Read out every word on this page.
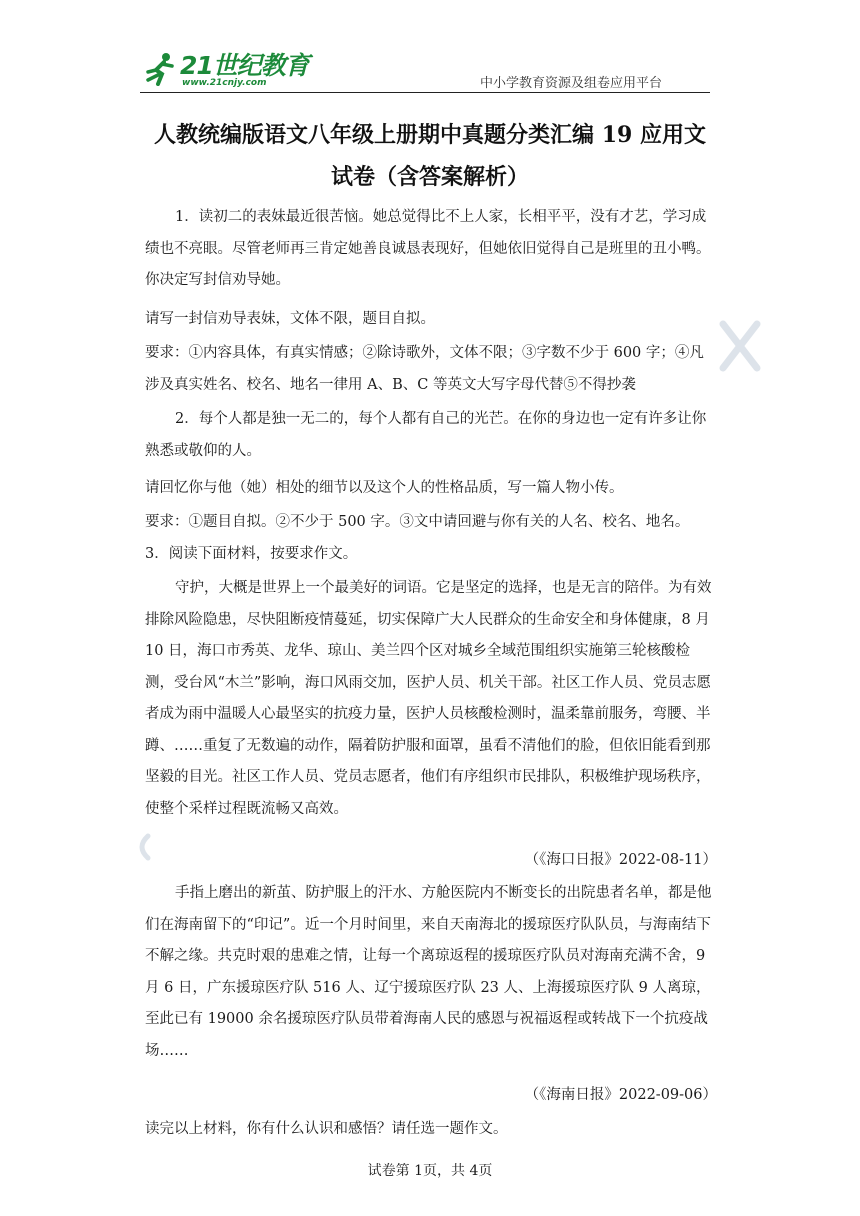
21世纪教育
www.21cnjy.com	中小学教育资源及组卷应用平台
人教统编版语文八年级上册期中真题分类汇编 19 应用文
试卷（含答案解析）
1．读初二的表妹最近很苦恼。她总觉得比不上人家，长相平平，没有才艺，学习成绩也不亮眼。尽管老师再三肯定她善良诚恳表现好，但她依旧觉得自己是班里的丑小鸭。你决定写封信劝导她。
请写一封信劝导表妹，文体不限，题目自拟。
要求：①内容具体，有真实情感；②除诗歌外，文体不限；③字数不少于 600 字；④凡涉及真实姓名、校名、地名一律用 A、B、C 等英文大写字母代替⑤不得抄袭
2．每个人都是独一无二的，每个人都有自己的光芒。在你的身边也一定有许多让你熟悉或敬仰的人。
请回忆你与他（她）相处的细节以及这个人的性格品质，写一篇人物小传。
要求：①题目自拟。②不少于 500 字。③文中请回避与你有关的人名、校名、地名。
3．阅读下面材料，按要求作文。
守护，大概是世界上一个最美好的词语。它是坚定的选择，也是无言的陪伴。为有效排除风险隐患，尽快阻断疫情蔓延，切实保障广大人民群众的生命安全和身体健康，8 月 10 日，海口市秀英、龙华、琼山、美兰四个区对城乡全域范围组织实施第三轮核酸检测，受台风“木兰”影响，海口风雨交加，医护人员、机关干部。社区工作人员、党员志愿者成为雨中温暖人心最坚实的抗疫力量，医护人员核酸检测时，温柔靠前服务，弯腰、半蹲、……重复了无数遍的动作，隔着防护服和面罩，虽看不清他们的脸，但依旧能看到那坚毅的目光。社区工作人员、党员志愿者，他们有序组织市民排队，积极维护现场秩序，使整个采样过程既流畅又高效。
（《海口日报》2022-08-11）
手指上磨出的新茧、防护服上的汗水、方舱医院内不断变长的出院患者名单，都是他们在海南留下的“印记”。近一个月时间里，来自天南海北的援琼医疗队队员，与海南结下不解之缘。共克时艰的患难之情，让每一个离琼返程的援琼医疗队员对海南充满不舍，9 月 6 日，广东援琼医疗队 516 人、辽宁援琼医疗队 23 人、上海援琼医疗队 9 人离琼，至此已有 19000 余名援琼医疗队员带着海南人民的感恩与祝福返程或转战下一个抗疫战场……
（《海南日报》2022-09-06）
读完以上材料，你有什么认识和感悟？请任选一题作文。
试卷第 1页，共 4页
